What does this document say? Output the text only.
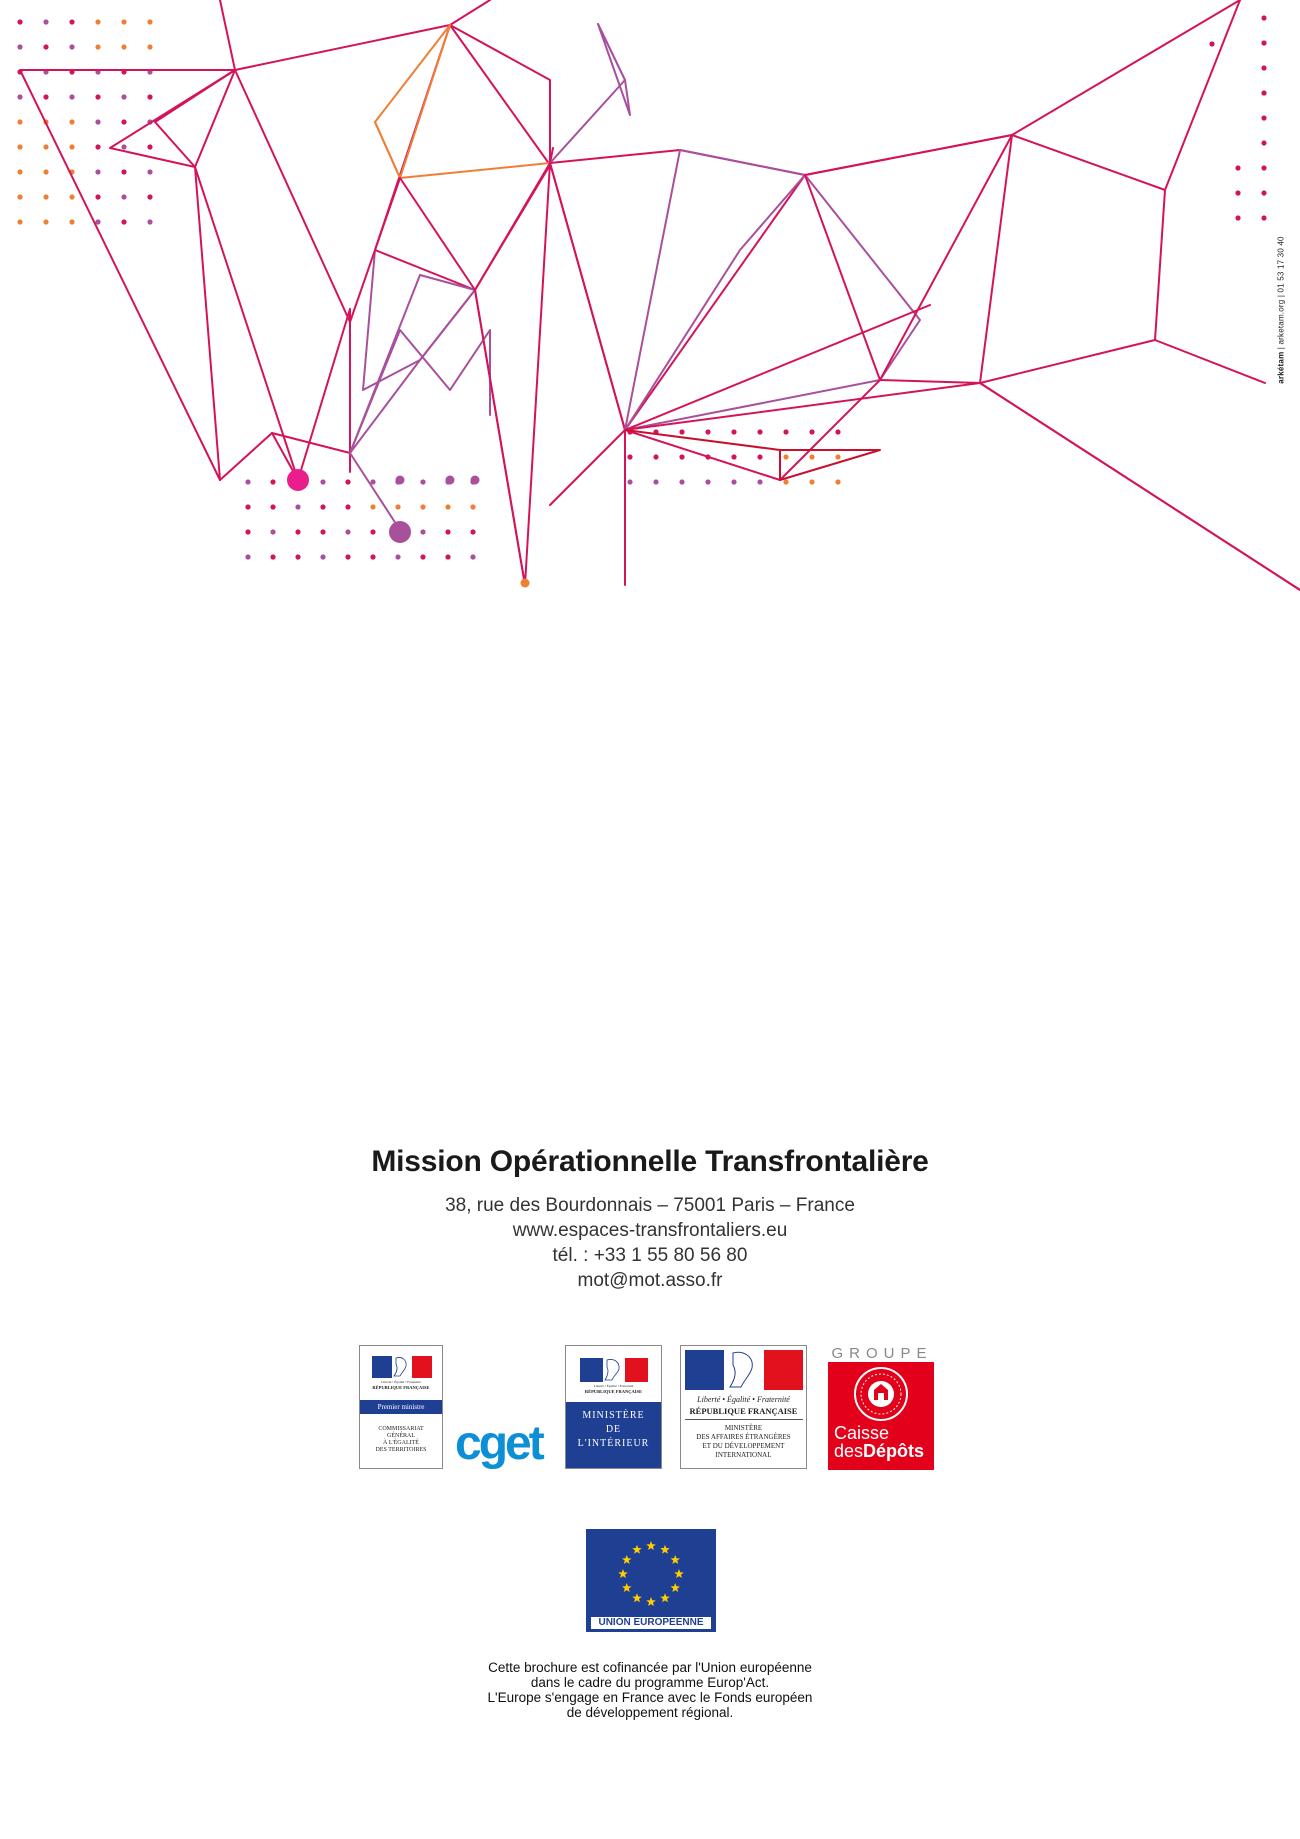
arkétam | arketam.org | 01 53 17 30 40
Mission Opérationnelle Transfrontalière
38, rue des Bourdonnais – 75001 Paris – France
www.espaces-transfrontaliers.eu
tél. : +33 1 55 80 56 80
mot@mot.asso.fr
Liberté • Égalité • Fraternité
RÉPUBLIQUE FRANÇAISE
Premier ministre
COMMISSARIAT
GÉNÉRAL
À L'ÉGALITÉ
DES TERRITOIRES
Liberté • Égalité • Fraternité
RÉPUBLIQUE FRANÇAISE
MINISTÈRE
DE
L'INTÉRIEUR
Liberté • Égalité • Fraternité
RÉPUBLIQUE FRANÇAISE
MINISTÈRE
DES AFFAIRES ÉTRANGÈRES
ET DU DÉVELOPPEMENT
INTERNATIONAL
cget
GROUPE
Caisse
desDépôts
UNION EUROPÉENNE
Cette brochure est cofinancée par l'Union européenne
dans le cadre du programme Europ'Act.
L'Europe s'engage en France avec le Fonds européen
de développement régional.
